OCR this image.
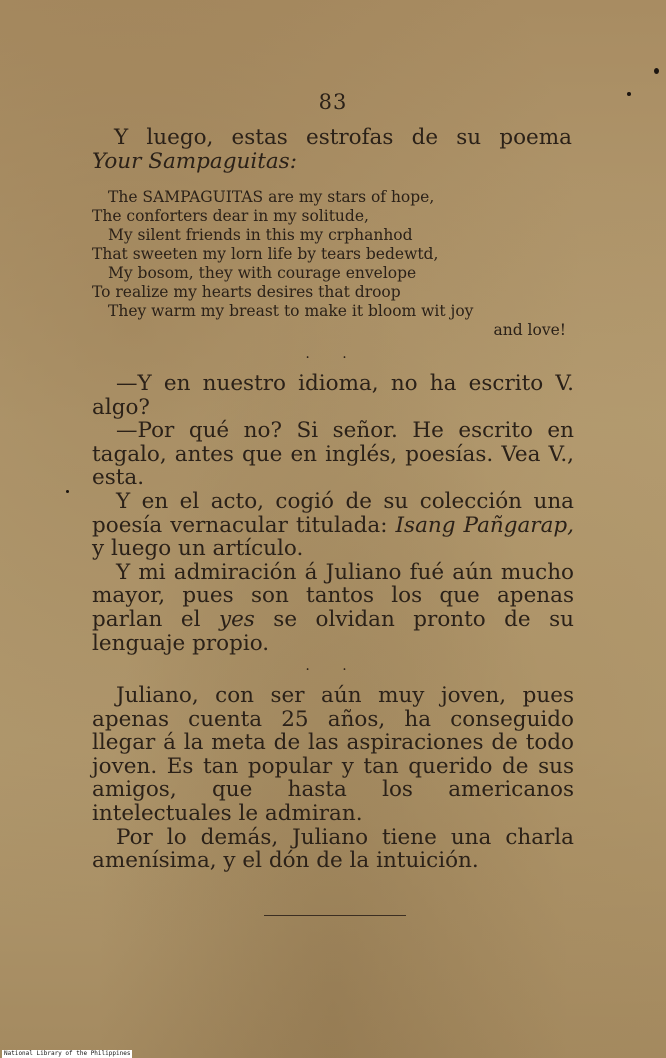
83
Y luego, estas estrofas de su poema
Your Sampaguitas:
The SAMPAGUITAS are my stars of hope,
The conforters dear in my solitude,
My silent friends in this my crphanhod
That sweeten my lorn life by tears bedewtd,
My bosom, they with courage envelope
To realize my hearts desires that droop
They warm my breast to make it bloom wit joy
and love!
. .

—Y en nuestro idioma, no ha escrito V. algo?

—Por qué no? Si señor. He escrito en tagalo, antes que en inglés, poesías. Vea V., esta.

Y en el acto, cogió de su colección una poesía vernacular titulada: Isang Pañgarap, y luego un artículo.

Y mi admiración á Juliano fué aún mucho mayor, pues son tantos los que apenas parlan el yes se olvidan pronto de su lenguaje propio.

. .

Juliano, con ser aún muy joven, pues apenas cuenta 25 años, ha conseguido llegar á la meta de las aspiraciones de todo joven. Es tan popular y tan querido de sus amigos, que hasta los americanos intelectuales le admiran.

Por lo demás, Juliano tiene una charla amenísima, y el dón de la intuición.

National Library of the Philippines
